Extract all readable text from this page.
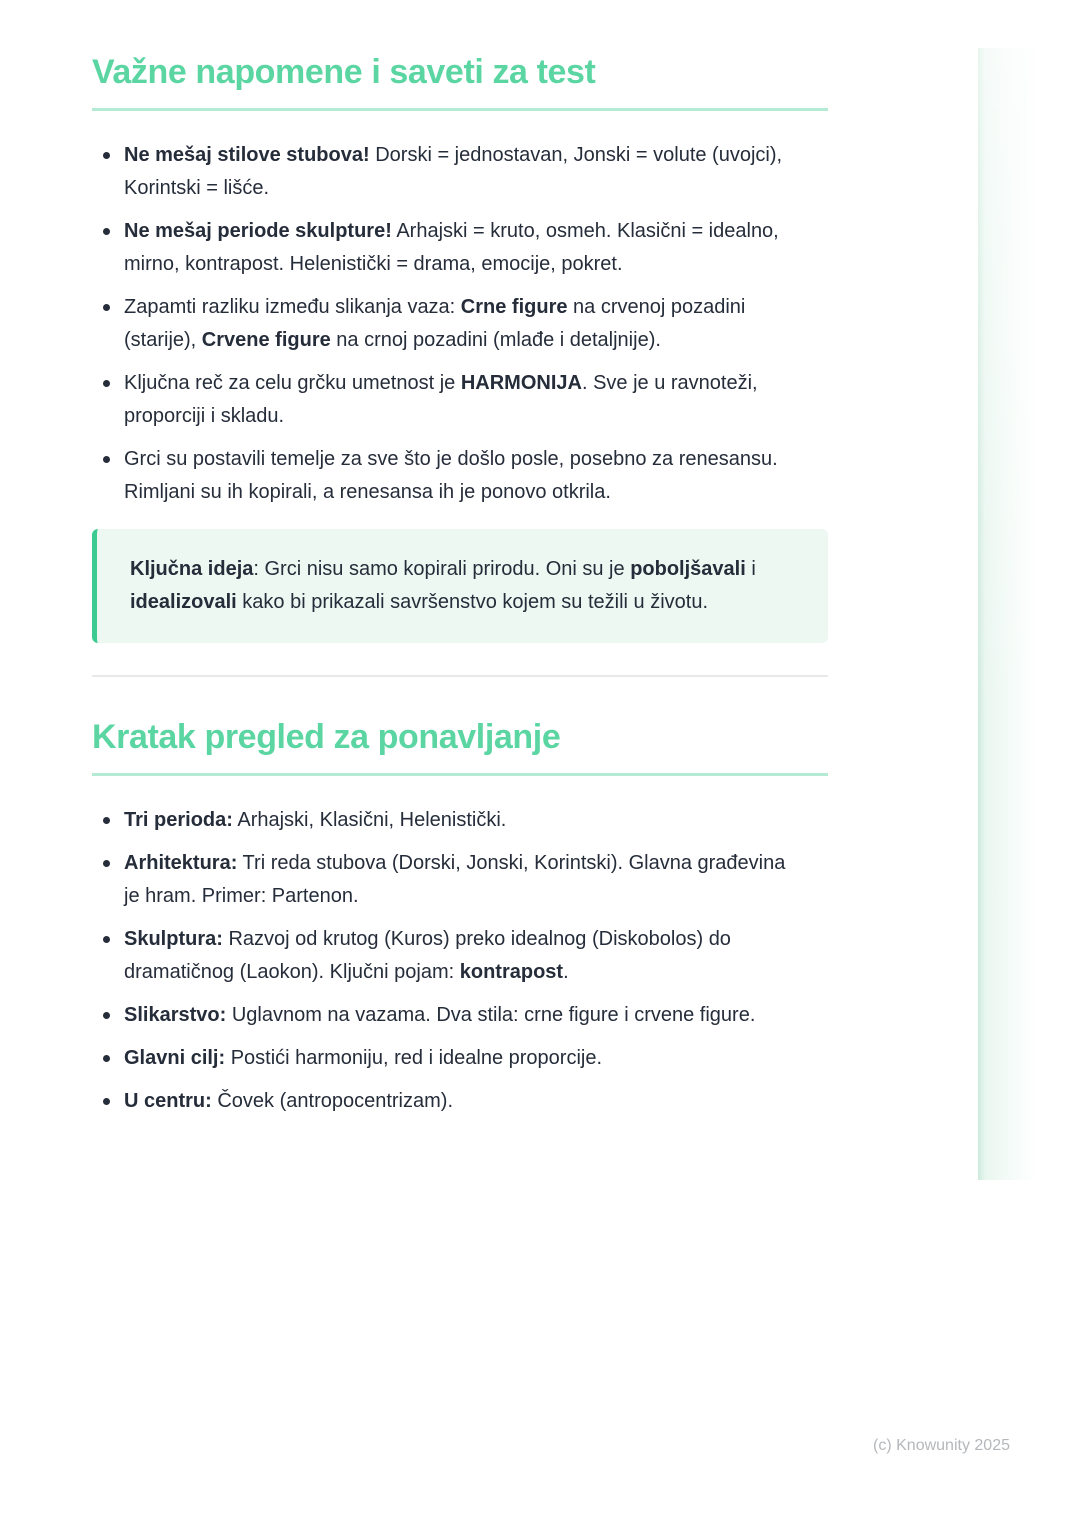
Važne napomene i saveti za test
Ne mešaj stilove stubova! Dorski = jednostavan, Jonski = volute (uvojci), Korintski = lišće.
Ne mešaj periode skulpture! Arhajski = kruto, osmeh. Klasični = idealno, mirno, kontrapost. Helenistički = drama, emocije, pokret.
Zapamti razliku između slikanja vaza: Crne figure na crvenoj pozadini (starije), Crvene figure na crnoj pozadini (mlađe i detaljnije).
Ključna reč za celu grčku umetnost je HARMONIJA. Sve je u ravnoteži, proporciji i skladu.
Grci su postavili temelje za sve što je došlo posle, posebno za renesansu. Rimljani su ih kopirali, a renesansa ih je ponovo otkrila.
Ključna ideja: Grci nisu samo kopirali prirodu. Oni su je poboljšavali i idealizovali kako bi prikazali savršenstvo kojem su težili u životu.
Kratak pregled za ponavljanje
Tri perioda: Arhajski, Klasični, Helenistički.
Arhitektura: Tri reda stubova (Dorski, Jonski, Korintski). Glavna građevina je hram. Primer: Partenon.
Skulptura: Razvoj od krutog (Kuros) preko idealnog (Diskobolos) do dramatičnog (Laokon). Ključni pojam: kontrapost.
Slikarstvo: Uglavnom na vazama. Dva stila: crne figure i crvene figure.
Glavni cilj: Postići harmoniju, red i idealne proporcije.
U centru: Čovek (antropocentrizam).
(c) Knowunity 2025
